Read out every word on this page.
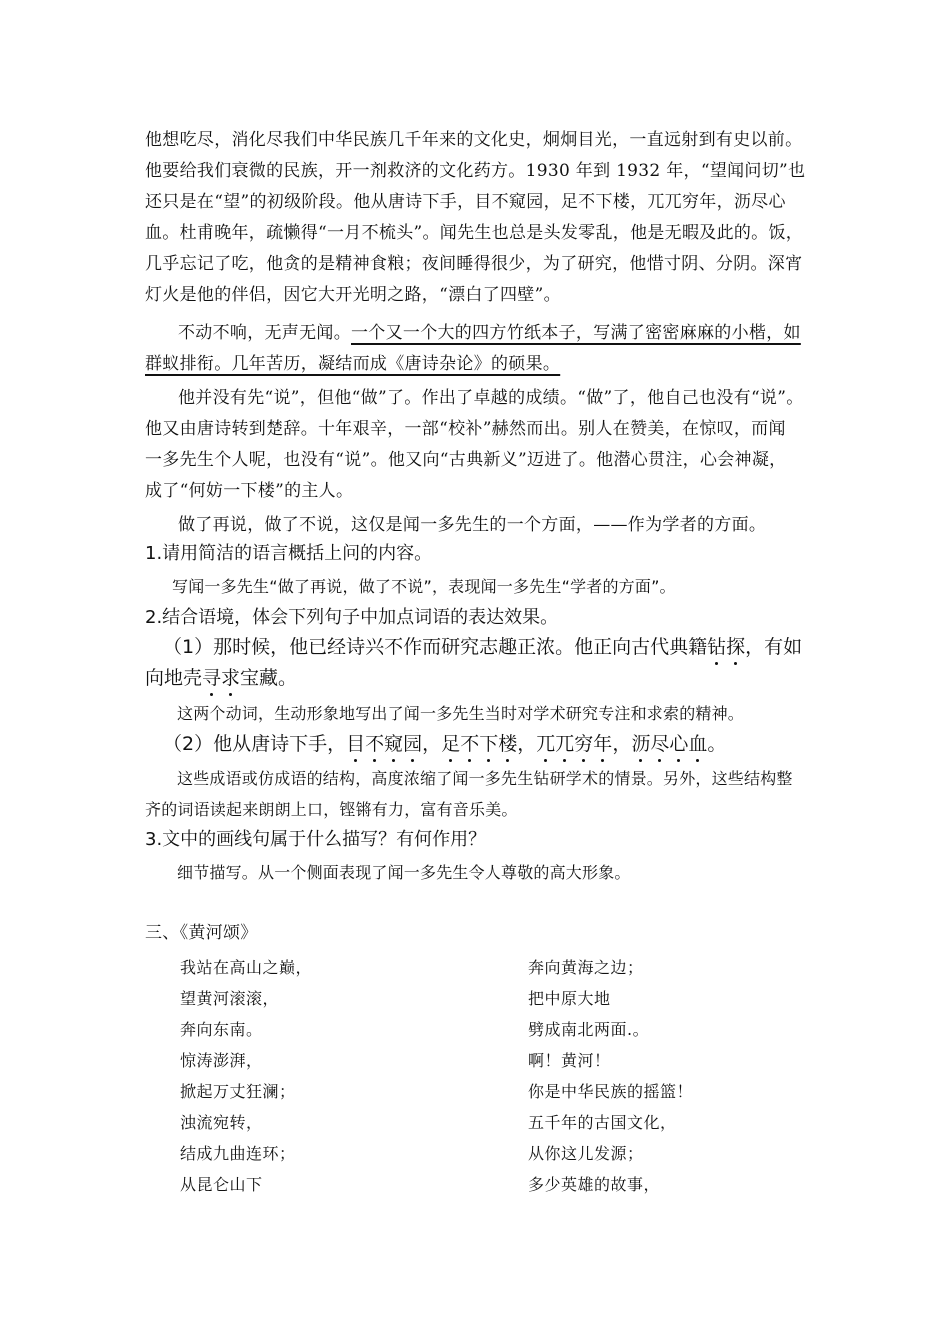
他想吃尽，消化尽我们中华民族几千年来的文化史，炯炯目光，一直远射到有史以前。
他要给我们衰微的民族，开一剂救济的文化药方。1930 年到 1932 年，“望闻问切”也
还只是在“望”的初级阶段。他从唐诗下手，目不窥园，足不下楼，兀兀穷年，沥尽心
血。杜甫晚年，疏懒得“一月不梳头”。闻先生也总是头发零乱，他是无暇及此的。饭，
几乎忘记了吃，他贪的是精神食粮；夜间睡得很少，为了研究，他惜寸阴、分阴。深宵
灯火是他的伴侣，因它大开光明之路，“漂白了四壁”。
不动不响，无声无闻。一个又一个大的四方竹纸本子，写满了密密麻麻的小楷，如
群蚁排衔。几年苦历，凝结而成《唐诗杂论》的硕果。
他并没有先“说”，但他“做”了。作出了卓越的成绩。“做”了，他自己也没有“说”。
他又由唐诗转到楚辞。十年艰辛，一部“校补”赫然而出。别人在赞美，在惊叹，而闻
一多先生个人呢，也没有“说”。他又向“古典新义”迈进了。他潜心贯注，心会神凝，
成了“何妨一下楼”的主人。
做了再说，做了不说，这仅是闻一多先生的一个方面，——作为学者的方面。
1.请用简洁的语言概括上问的内容。
写闻一多先生“做了再说，做了不说”，表现闻一多先生“学者的方面”。
2.结合语境，体会下列句子中加点词语的表达效果。
（1）那时候，他已经诗兴不作而研究志趣正浓。他正向古代典籍钻探，有如
向地壳寻求宝藏。
这两个动词，生动形象地写出了闻一多先生当时对学术研究专注和求索的精神。
（2）他从唐诗下手，目不窥园，足不下楼，兀兀穷年，沥尽心血。
这些成语或仿成语的结构，高度浓缩了闻一多先生钻研学术的情景。另外，这些结构整
齐的词语读起来朗朗上口，铿锵有力，富有音乐美。
3.文中的画线句属于什么描写？有何作用？
细节描写。从一个侧面表现了闻一多先生令人尊敬的高大形象。
三、《黄河颂》
我站在高山之巅，
望黄河滚滚，
奔向东南。
惊涛澎湃，
掀起万丈狂澜；
浊流宛转，
结成九曲连环；
从昆仑山下
奔向黄海之边；
把中原大地
劈成南北两面.。
啊！黄河！
你是中华民族的摇篮！
五千年的古国文化，
从你这儿发源；
多少英雄的故事，
